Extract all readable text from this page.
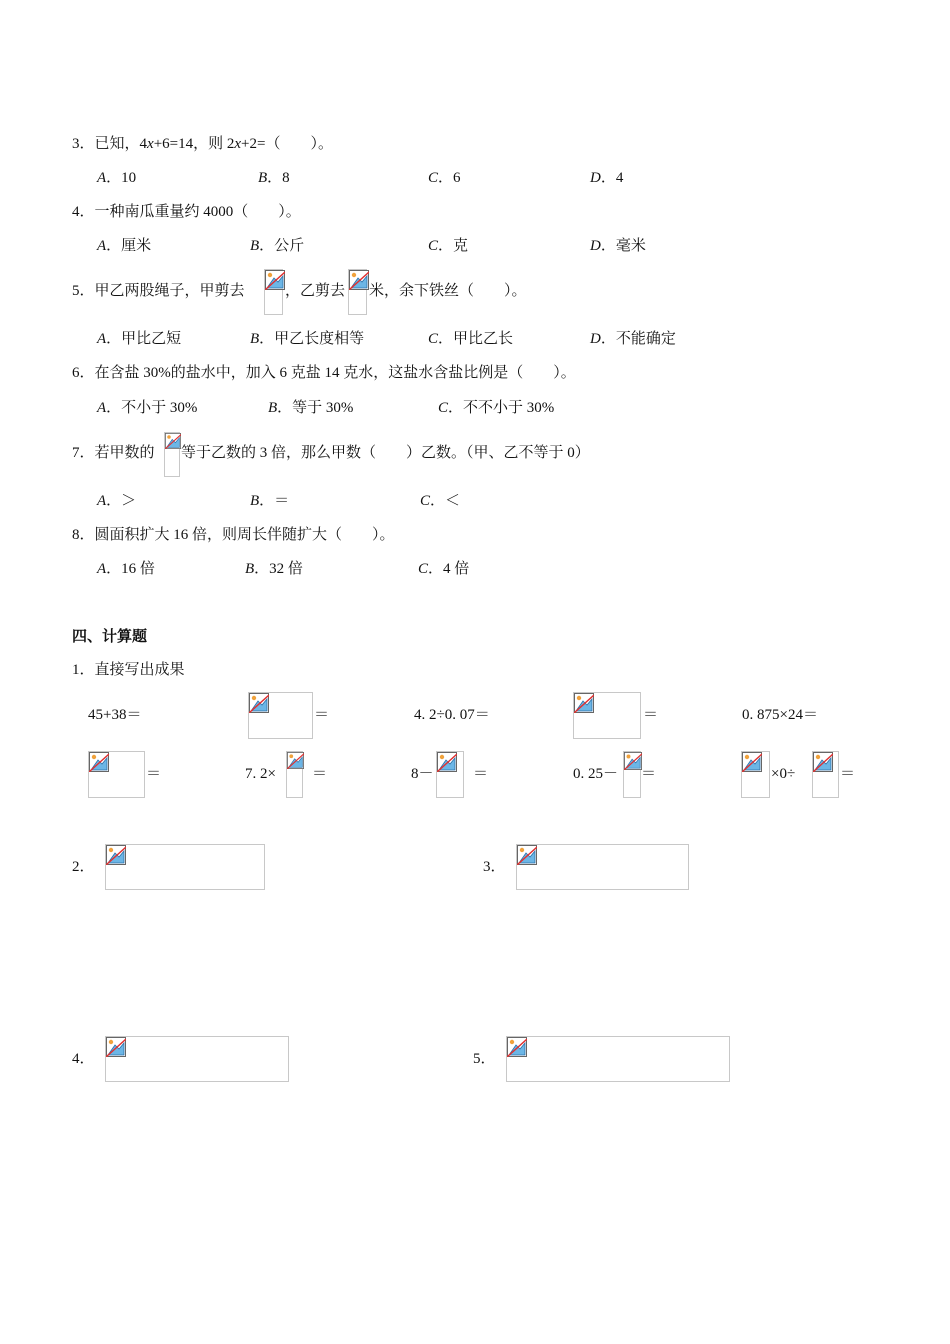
3．已知，4x+6=14，则 2x+2=（　　）。
A．10	B．8	C．6	D．4
4．一种南瓜重量约 4000（　　）。
A．厘米	B．公斤	C．克	D．毫米
5．甲乙两股绳子，甲剪去	，乙剪去 米，余下铁丝（　　）。
A．甲比乙短	B．甲乙长度相等	C．甲比乙长	D．不能确定
6．在含盐 30%的盐水中，加入 6 克盐 14 克水，这盐水含盐比例是（　　）。
A．不小于 30%	B．等于 30%	C．不不小于 30%
7．若甲数的 等于乙数的 3 倍，那么甲数（　　）乙数。（甲、乙不等于 0）
A．＞	B．＝	C．＜
8．圆面积扩大 16 倍，则周长伴随扩大（　　）。
A．16 倍	B．32 倍	C．4 倍
四、计算题
1．直接写出成果
45+38＝	＝	4. 2÷0. 07＝	＝	0. 875×24＝
＝	7. 2× ＝	8－	＝	0. 25－ ＝	×0÷	＝
2．	3．
4．	5．
